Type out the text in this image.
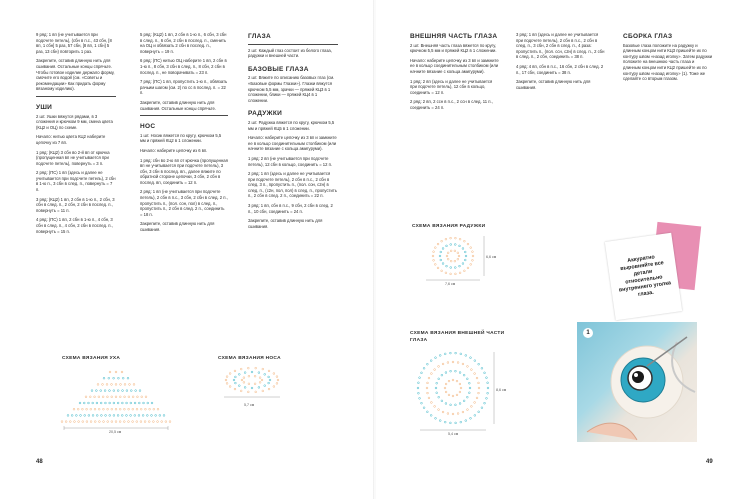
9 ряд: 1 вп (не учитывается при подсчете петель), (сбн в п.с., 43 сбн, [8 вп, 1 сбн] 5 раз, 57 сбн, [8 вп, 1 сбн] 5 раз, 13 сбн) повторить 1 раз.

Закрепите, оставив длинную нить для сшивания. Остальные концы спрячьте. Чтобы готовое изделие держало форму, смочите его водой (см. «Советы и рекомендации» Как придать форму вязаному изделию).

УШИ

2 шт. Ушки вяжутся рядами, в 3 сложения и крючком 9 мм, смена цвета (КЦ2 и ОЦ) по схеме.

Начало: нитью цвета КЦ2 наберите цепочку из 7 вп.

1 ряд: (КЦ2) 3 сбн во 2-й вп от крючка (пропущенная вп не учитывается при подсчете петель), повернуть = 3 п.

2 ряд: (ПС) 1 вп (здесь и далее не учитывается при подсчете петель), 2 сбн в 1-ю п., 3 сбн в след. п., повернуть = 7 п.

3 ряд: (КЦ2) 1 вп, 2 сбн в 1-ю п., 2 сбн, 3 сбн в след. п., 2 сбн, 2 сбн в послед. п., повернуть = 11 п.

4 ряд: (ПС) 1 вп, 2 сбн в 1-ю п., 4 сбн, 3 сбн в след. п., 4 сбн, 2 сбн в послед. п., повернуть = 15 п.

5 ряд: (КЦ2) 1 вп, 2 сбн в 1-ю п., 6 сбн, 3 сбн в след. п., 6 сбн, 2 сбн в послед. п., сменить на ОЦ и обвязать 2 сбн в послед. п., повернуть = 19 п.

6 ряд: (ПС) нитью ОЦ наберите 1 вп, 2 сбн в 1-ю п., 8 сбн, 3 сбн в след. п., 8 сбн, 2 сбн в послед. п., не поворачивать = 23 п.

7 ряд: (ПС) 1 вп, пропустить 1-ю п., обвязать рачьим шагом (см. 2) по сс в послед. п. = 22 п.

Закрепите, оставив длинную нить для сшивания. Остальные концы спрячьте.

НОС

1 шт. Носик вяжется по кругу, крючком 5,5 мм и пряжей КЦ2 в 1 сложении.

Начало: наберите цепочку из 6 вп.

1 ряд: сбн во 2-ю вп от крючка (пропущенная вп не учитывается при подсчете петель), 3 сбн, 3 сбн в послед. вп., далее вяжите по обратной стороне цепочки, 3 сбн, 2 сбн в послед. вп, соединить = 12 п.

2 ряд: 1 вп (не учитывается при подсчете петель), 2 сбн в п.с., 3 сбн, 2 сбн в след. 2 п., пропустить п., (пол. сон, пол) в след. п., пропустить п., 2 сбн в след. 2 п., соединить = 18 п.

Закрепите, оставив длинную нить для сшивания.

ГЛАЗА

2 шт. Каждый глаз состоит из белого глаза, радужки и внешней части.

БАЗОВЫЕ ГЛАЗА

2 шт. Вяжите по описанию базовых глаз (см. «Базовые формы Глазки»). Глазки вяжутся крючком 5,5 мм, зрачки — пряжей КЦ3 в 1 сложении, блики — пряжей КЦ4 в 1 сложении.

РАДУЖКИ

2 шт. Радужка вяжется по кругу, крючком 5,5 мм и пряжей КЦ5 в 1 сложении.

Начало: наберите цепочку из 3 вп и замкните ее в кольцо соединительным столбиком (или начните вязание с кольца амигуруми).

1 ряд: 2 вп (не учитывается при подсчете петель), 12 сбн в кольцо, соединить = 12 п.

2 ряд: 1 вп (здесь и далее не учитывается при подсчете петель), 2 сбн в п.с., 2 сбн в след. 3 п., пропустить п., (пол. сон, с2н) в след. п., (с2н, пол, пол) в след. п., пропустить п., 2 сбн в след. 2 п., соединить = 22 п.

3 ряд: 1 вп, сбн в п.с., 9 сбн, 2 сбн в след. 2 п., 10 сбн, соединить = 24 п.

Закрепите, оставив длинную нить для сшивания.

ВНЕШНЯЯ ЧАСТЬ ГЛАЗА

2 шт. Внешняя часть глаза вяжется по кругу, крючком 5,5 мм и пряжей КЦ2 в 1 сложении.

Начало: наберите цепочку из 3 вп и замкните ее в кольцо соединительным столбиком (или начните вязание с кольца амигуруми).

1 ряд: 2 вп (здесь и далее не учитывается при подсчете петель), 12 сбн в кольцо, соединить = 12 п.

2 ряд: 2 вп, 2 ссн в п.с., 2 ссн в след. 11 п., соединить = 24 п.

3 ряд: 1 вп (здесь и далее не учитывается при подсчете петель), 2 сбн в п.с., 2 сбн в след. п., 3 сбн, 2 сбн в след. п., 4 раза: пропустить п., (пол. ссн, с2н) в след. п., 2 сбн в след. п., 2 сбн, соединить = 38 п.

4 ряд: 4 вп, сбн в п.с., 16 сбн, 2 сбн в след. 2 п., 17 сбн, соединить = 38 п.

Закрепите, оставив длинную нить для сшивания.

СБОРКА ГЛАЗ

Базовые глаза положите на радужку и длинным концом нити КЦ3 пришейте их по контуру швом «назад иголку». Затем радужки положите на внешнюю часть глаза и длинным концом нити КЦ2 пришейте их по контуру швом «назад иголку» (1). Тоже же сделайте со вторым глазом.

СХЕМА ВЯЗАНИЯ УХА
20,5 см
СХЕМА ВЯЗАНИЯ НОСА
5,7 см
СХЕМА ВЯЗАНИЯ РАДУЖКИ
7,6 см
6,6 см
СХЕМА ВЯЗАНИЯ ВНЕШНЕЙ ЧАСТИ ГЛАЗА
5,4 см
8,6 см
Аккуратно выровняйте все детали относительно внутреннего уголка глаза.
1
48	49
